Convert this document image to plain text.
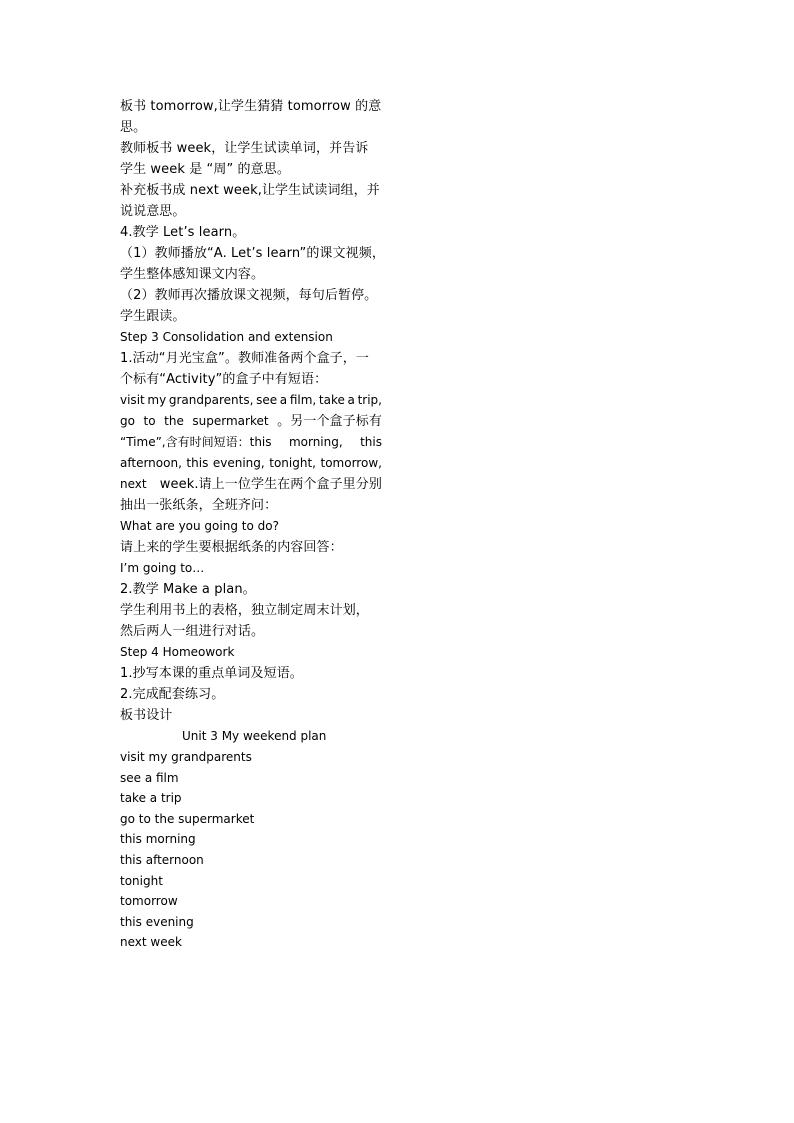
板书 tomorrow,让学生猜猜 tomorrow 的意
思。
教师板书 week，让学生试读单词，并告诉
学生 week 是 “周” 的意思。
补充板书成 next week,让学生试读词组，并
说说意思。
4.教学 Let’s learn。
（1）教师播放“A. Let’s learn”的课文视频，
学生整体感知课文内容。
（2）教师再次播放课文视频，每句后暂停。
学生跟读。
Step 3 Consolidation and extension
1.活动“月光宝盒”。教师准备两个盒子，一
个标有“Activity”的盒子中有短语：
visit my grandparents, see a film, take a trip,
go to the supermarket 。另一个盒子标有
“Time”,含有时间短语：this morning, this
afternoon, this evening, tonight, tomorrow,
next week.请上一位学生在两个盒子里分别
抽出一张纸条，全班齐问：
What are you going to do?
请上来的学生要根据纸条的内容回答：
I’m going to…
2.教学 Make a plan。
学生利用书上的表格，独立制定周末计划，
然后两人一组进行对话。
Step 4 Homeowork
1.抄写本课的重点单词及短语。
2.完成配套练习。
板书设计
Unit 3 My weekend plan
visit my grandparents
see a film
take a trip
go to the supermarket
this morning
this afternoon
tonight
tomorrow
this evening
next week
